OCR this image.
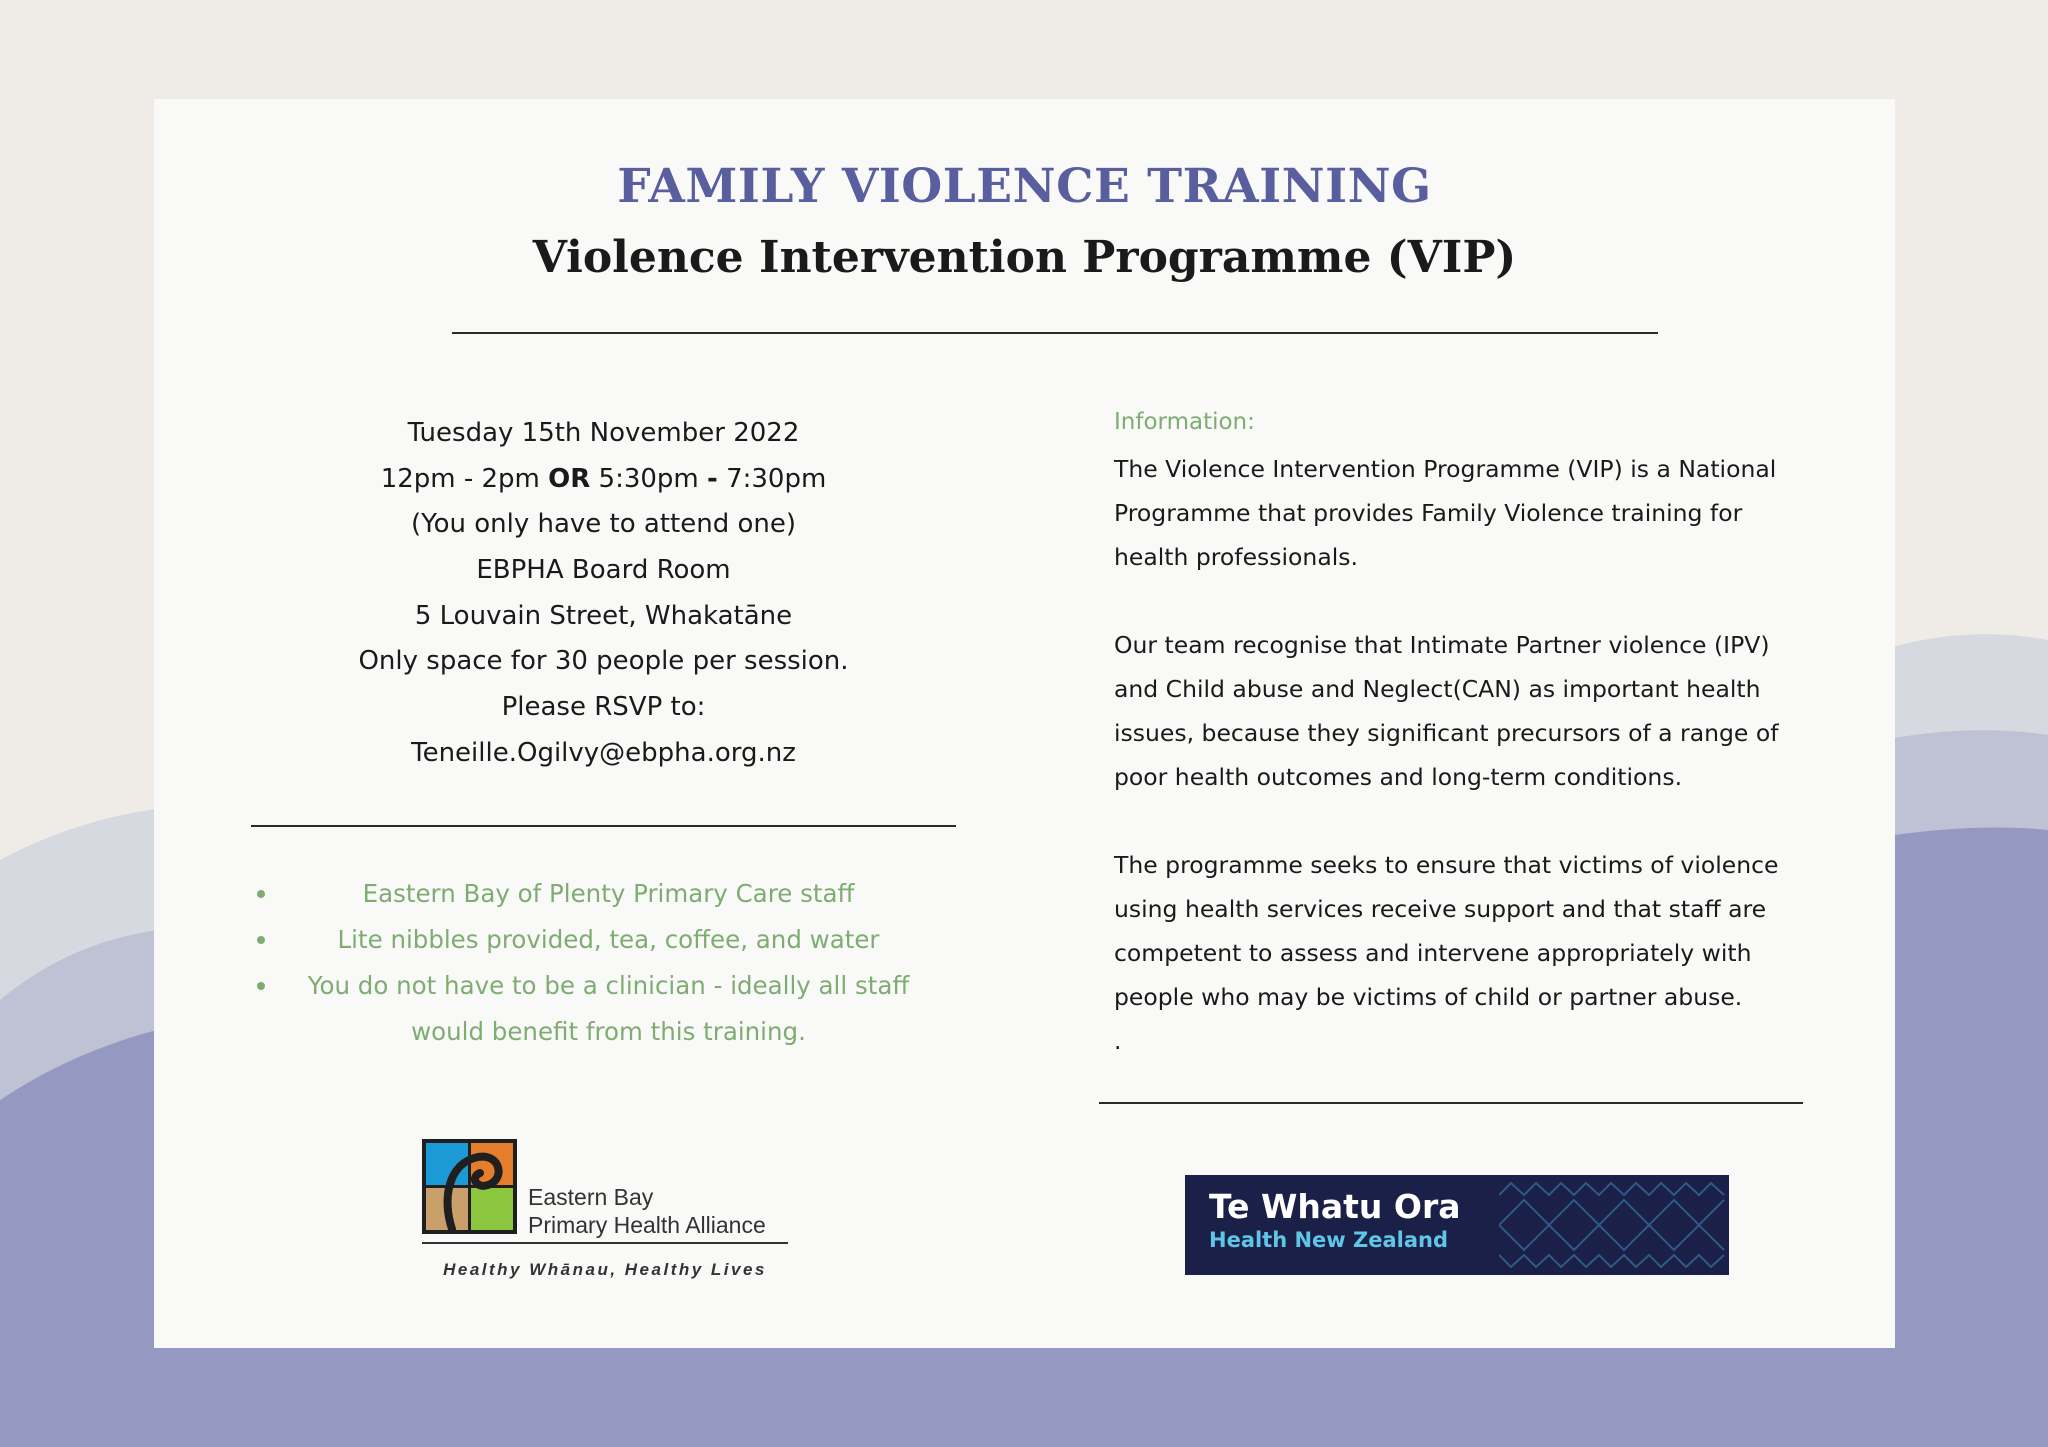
FAMILY VIOLENCE TRAINING
Violence Intervention Programme (VIP)
Tuesday 15th November 2022
12pm - 2pm OR 5:30pm - 7:30pm
(You only have to attend one)
EBPHA Board Room
5 Louvain Street, Whakatāne
Only space for 30 people per session.
Please RSVP to:
Teneille.Ogilvy@ebpha.org.nz
Eastern Bay of Plenty Primary Care staff
Lite nibbles provided, tea, coffee, and water
You do not have to be a clinician - ideally all staff would benefit from this training.
Information:

The Violence Intervention Programme (VIP) is a National Programme that provides Family Violence training for health professionals.

Our team recognise that Intimate Partner violence (IPV) and Child abuse and Neglect(CAN) as important health issues, because they significant precursors of a range of poor health outcomes and long-term conditions.

The programme seeks to ensure that victims of violence using health services receive support and that staff are competent to assess and intervene appropriately with people who may be victims of child or partner abuse.

.
Eastern Bay
Primary Health Alliance
Healthy Whānau, Healthy Lives
Te Whatu Ora
Health New Zealand
